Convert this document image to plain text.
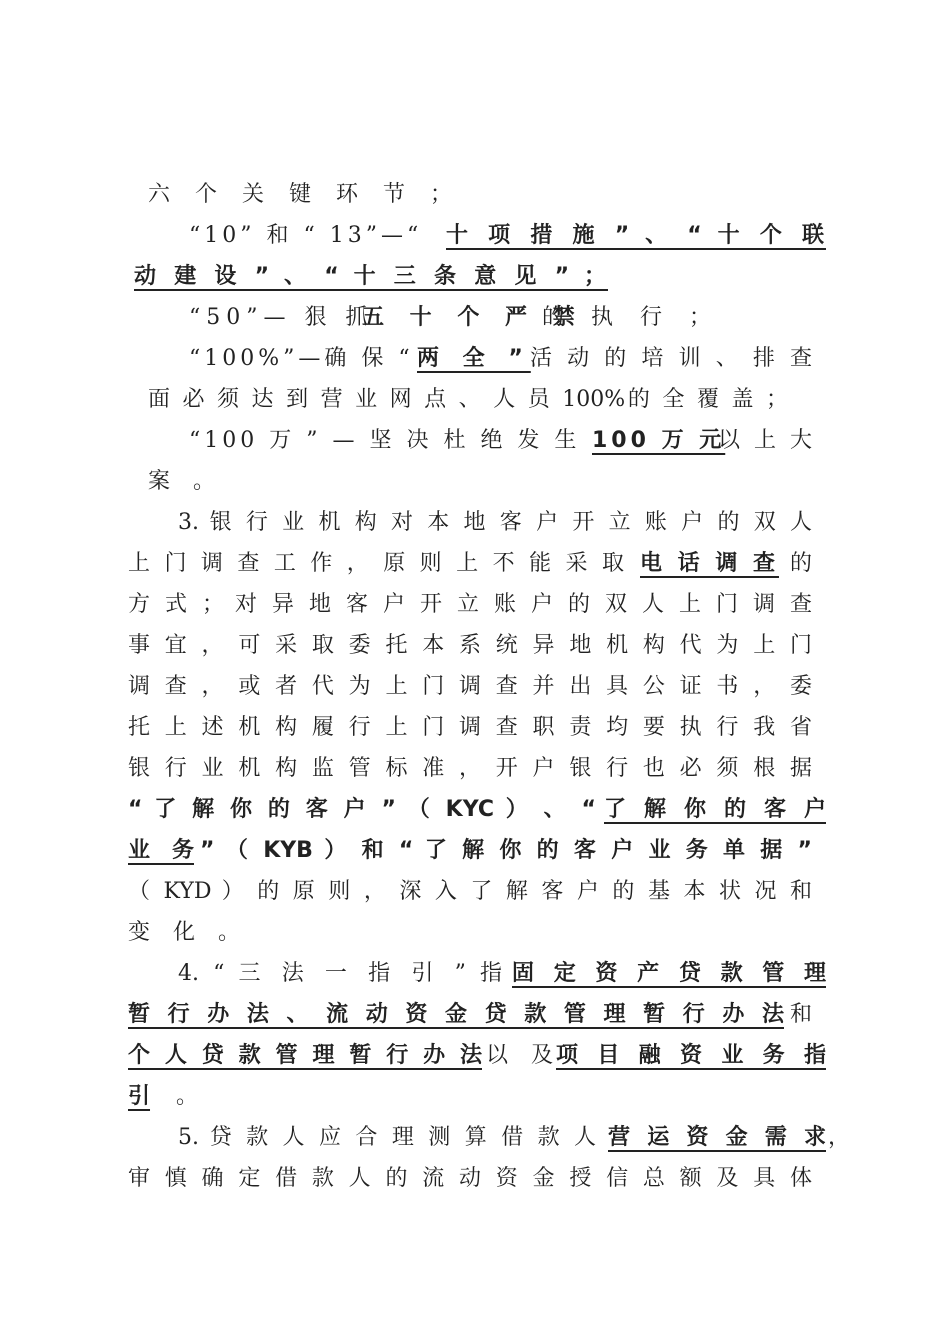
六 个 关 键 环 节 ；
“10” 和 “ 13”—“ 十 项 措 施 ” 、 “ 十 个 联
动 建 设 ” 、 “ 十 三 条 意 见 ” ；
“50”— 狠 抓
五 十 个 严 禁
的 执 行 ；
“100%”—确 保 “ 两 全 ” 活 动 的 培 训 、 排 查
面 必 须 达 到 营 业 网 点 、 人 员 100%的 全 覆 盖 ；
“100 万 ” — 坚 决 杜 绝 发 生 100 万 元
以 上 大
案 。
3. 银 行 业 机 构 对 本 地 客 户 开 立 账 户 的 双 人
上 门 调 查 工 作 ， 原 则 上 不 能 采 取 电 话 调 查 的
方 式 ； 对 异 地 客 户 开 立 账 户 的 双 人 上 门 调 查
事 宜 ， 可 采 取 委 托 本 系 统 异 地 机 构 代 为 上 门
调 查 ， 或 者 代 为 上 门 调 查 并 出 具 公 证 书 ， 委
托 上 述 机 构 履 行 上 门 调 查 职 责 均 要 执 行 我 省
银 行 业 机 构 监 管 标 准 ， 开 户 银 行 也 必 须 根 据
“ 了 解 你 的 客 户 ” （ KYC ） 、 “ 了 解 你 的 客 户
业 务 ” （ KYB ） 和 “ 了 解 你 的 客 户 业 务 单 据 ”
（ KYD ） 的 原 则 ， 深 入 了 解 客 户 的 基 本 状 况 和
变 化 。
4. “ 三 法 一 指 引 ” 指 固 定 资 产 贷 款 管 理
暂 行 办 法 、 流 动 资 金 贷 款 管 理 暂 行 办 法 和
个 人 贷 款 管 理 暂 行 办 法 以 及
项 目 融 资 业 务 指
引	。
5. 贷 款 人 应 合 理 测 算 借 款 人 营 运 资 金 需 求 ，
审 慎 确 定 借 款 人 的 流 动 资 金 授 信 总 额 及 具 体
